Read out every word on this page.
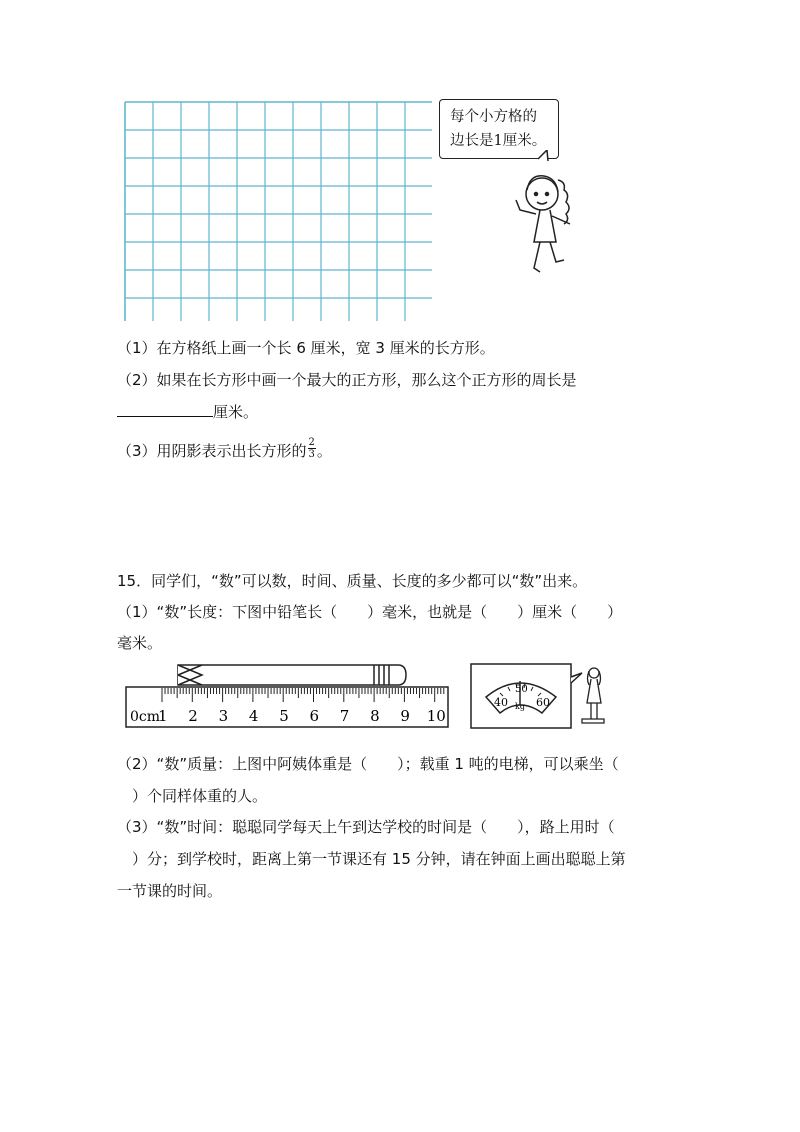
每个小方格的
边长是1厘米。
（1）在方格纸上画一个长 6 厘米，宽 3 厘米的长方形。
（2）如果在长方形中画一个最大的正方形，那么这个正方形的周长是
厘米。
（3）用阴影表示出长方形的 $\frac{2}{3}$ 。
15．同学们，“数”可以数，时间、质量、长度的多少都可以“数”出来。
（1）“数”长度：下图中铅笔长（　　）毫米，也就是（　　）厘米（　　）
毫米。
0cm
1 2 3 4 5 6 7 8 9 10
40
50
60
kg
（2）“数”质量：上图中阿姨体重是（　　）；载重 1 吨的电梯，可以乘坐（
　）个同样体重的人。
（3）“数”时间：聪聪同学每天上午到达学校的时间是（　　），路上用时（
　）分；到学校时，距离上第一节课还有 15 分钟，请在钟面上画出聪聪上第
一节课的时间。
